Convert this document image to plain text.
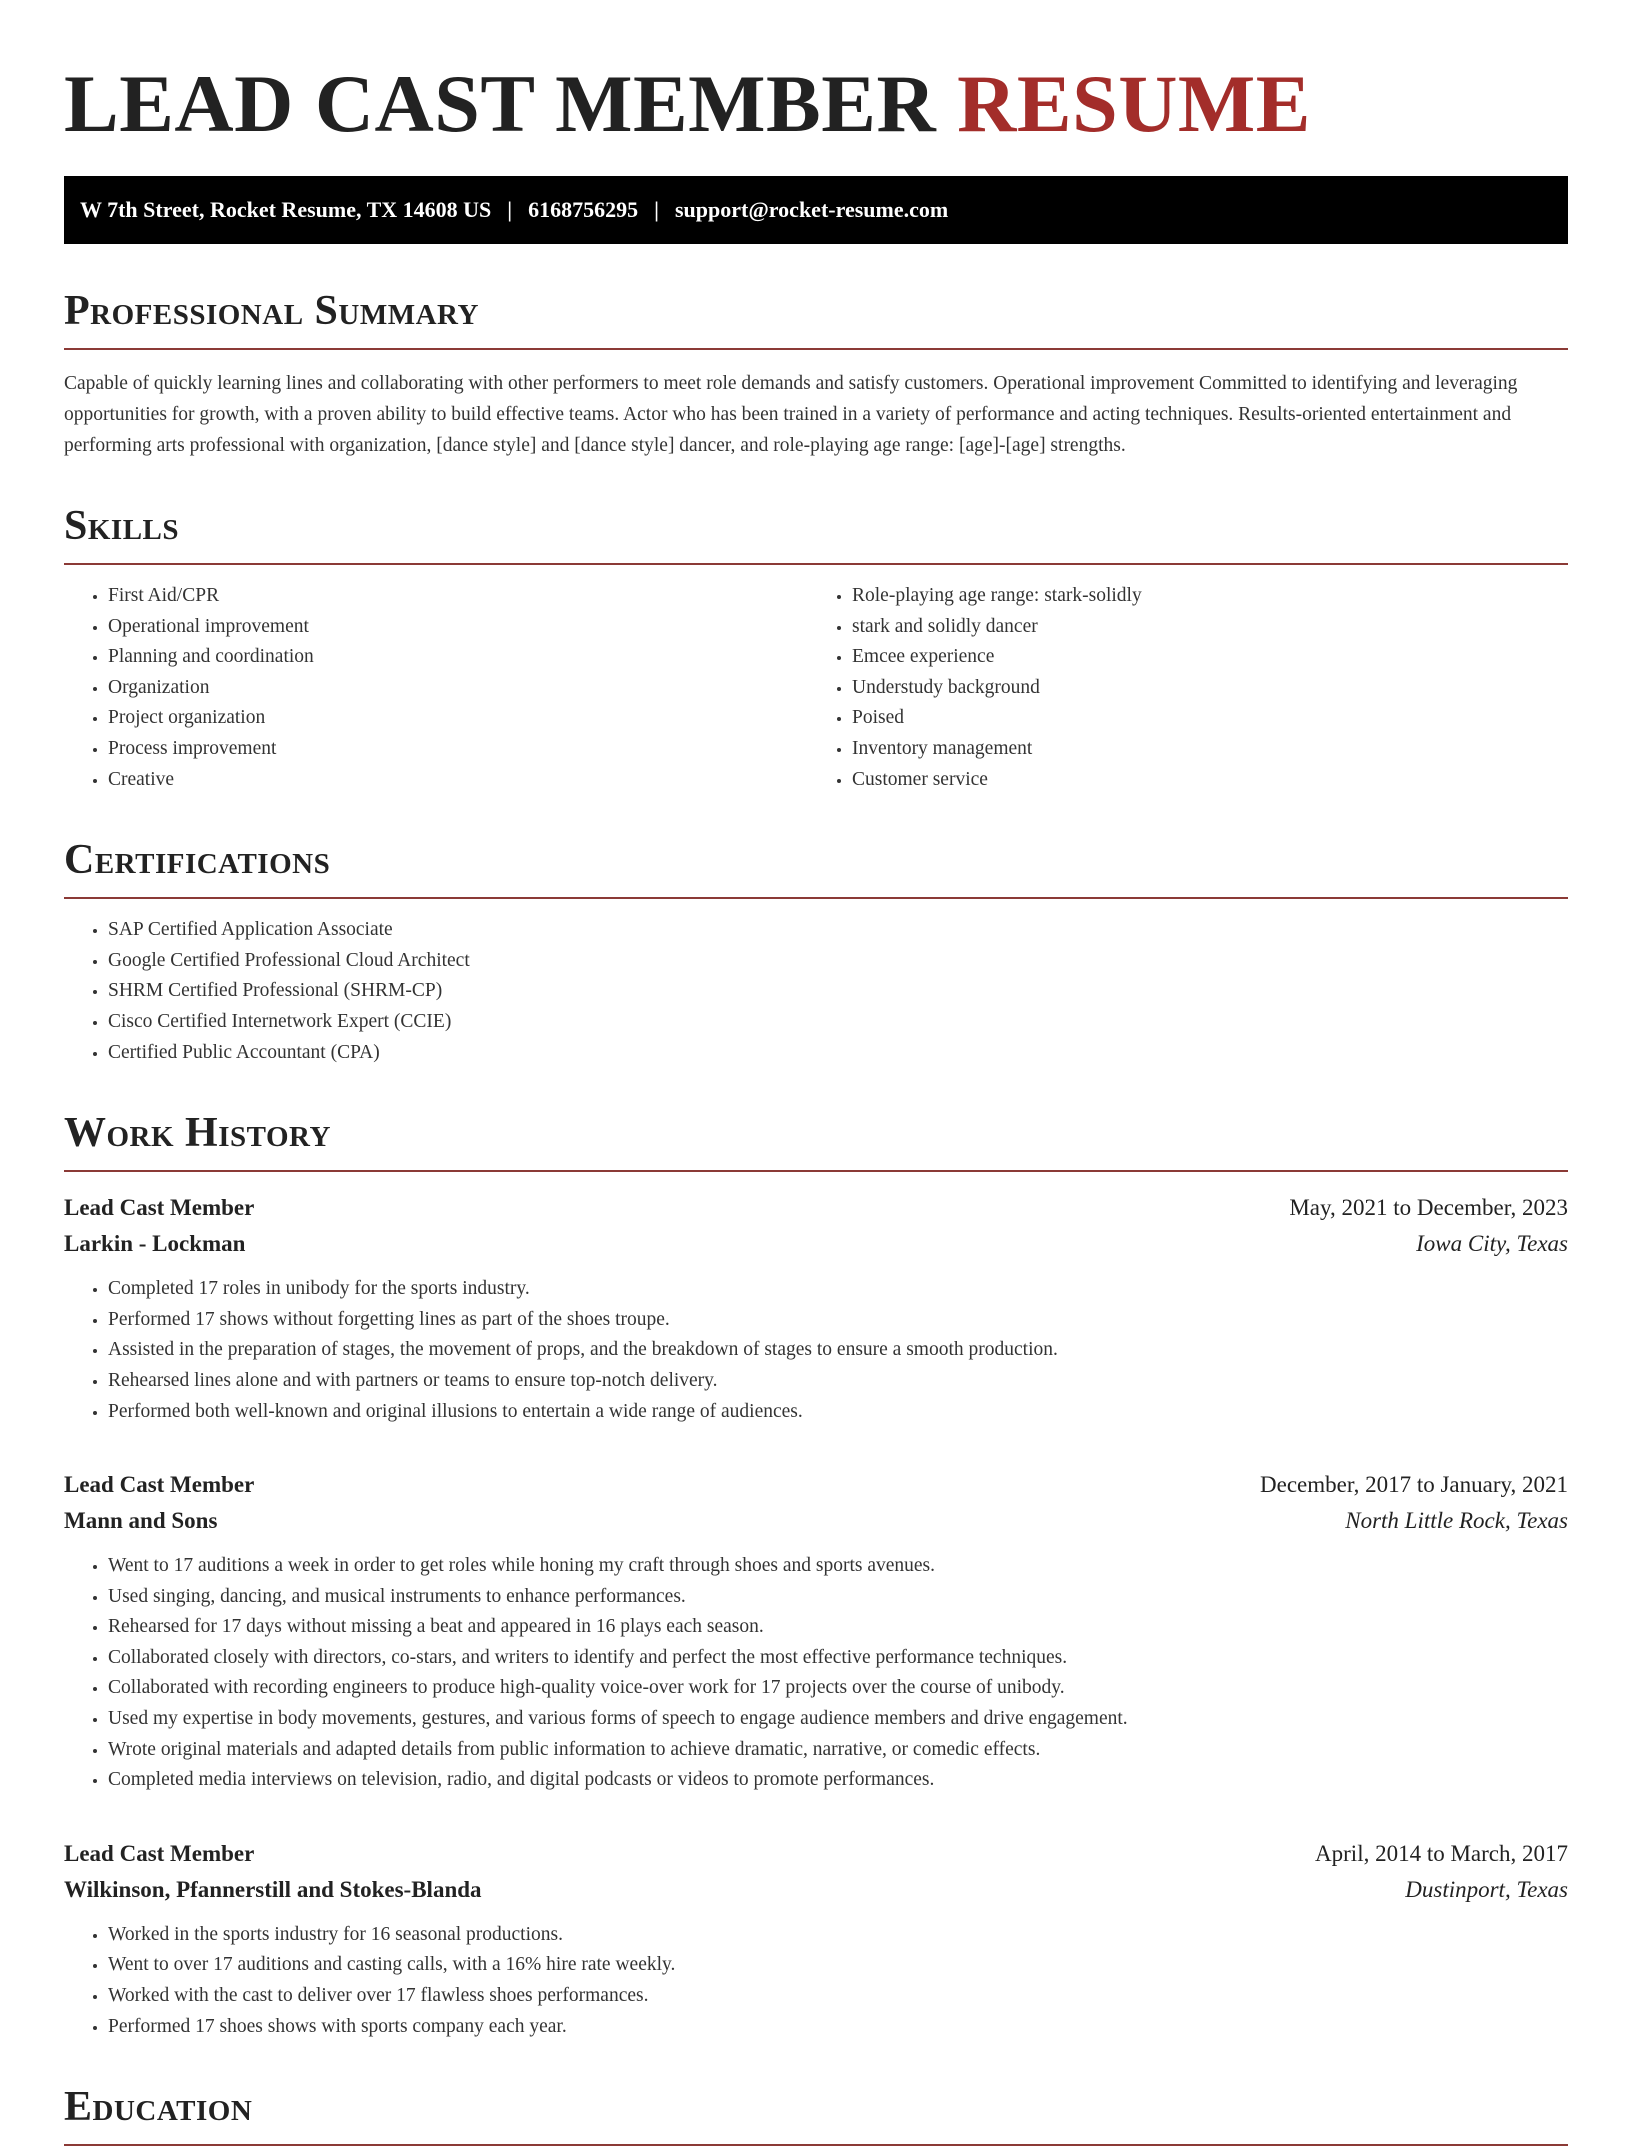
LEAD CAST MEMBER RESUME
W 7th Street, Rocket Resume, TX 14608 US | 6168756295 | support@rocket-resume.com
Professional Summary

Capable of quickly learning lines and collaborating with other performers to meet role demands and satisfy customers. Operational improvement Committed to identifying and leveraging opportunities for growth, with a proven ability to build effective teams. Actor who has been trained in a variety of performance and acting techniques. Results-oriented entertainment and performing arts professional with organization, [dance style] and [dance style] dancer, and role-playing age range: [age]-[age] strengths.

Skills
• First Aid/CPR
• Operational improvement
• Planning and coordination
• Organization
• Project organization
• Process improvement
• Creative
• Role-playing age range: stark-solidly
• stark and solidly dancer
• Emcee experience
• Understudy background
• Poised
• Inventory management
• Customer service
Certifications
• SAP Certified Application Associate
• Google Certified Professional Cloud Architect
• SHRM Certified Professional (SHRM-CP)
• Cisco Certified Internetwork Expert (CCIE)
• Certified Public Accountant (CPA)
Work History
Lead Cast Member	May, 2021 to December, 2023
Larkin - Lockman	Iowa City, Texas
• Completed 17 roles in unibody for the sports industry.
• Performed 17 shows without forgetting lines as part of the shoes troupe.
• Assisted in the preparation of stages, the movement of props, and the breakdown of stages to ensure a smooth production.
• Rehearsed lines alone and with partners or teams to ensure top-notch delivery.
• Performed both well-known and original illusions to entertain a wide range of audiences.
Lead Cast Member	December, 2017 to January, 2021
Mann and Sons	North Little Rock, Texas
• Went to 17 auditions a week in order to get roles while honing my craft through shoes and sports avenues.
• Used singing, dancing, and musical instruments to enhance performances.
• Rehearsed for 17 days without missing a beat and appeared in 16 plays each season.
• Collaborated closely with directors, co-stars, and writers to identify and perfect the most effective performance techniques.
• Collaborated with recording engineers to produce high-quality voice-over work for 17 projects over the course of unibody.
• Used my expertise in body movements, gestures, and various forms of speech to engage audience members and drive engagement.
• Wrote original materials and adapted details from public information to achieve dramatic, narrative, or comedic effects.
• Completed media interviews on television, radio, and digital podcasts or videos to promote performances.
Lead Cast Member	April, 2014 to March, 2017
Wilkinson, Pfannerstill and Stokes-Blanda	Dustinport, Texas
• Worked in the sports industry for 16 seasonal productions.
• Went to over 17 auditions and casting calls, with a 16% hire rate weekly.
• Worked with the cast to deliver over 17 flawless shoes performances.
• Performed 17 shoes shows with sports company each year.
Education
